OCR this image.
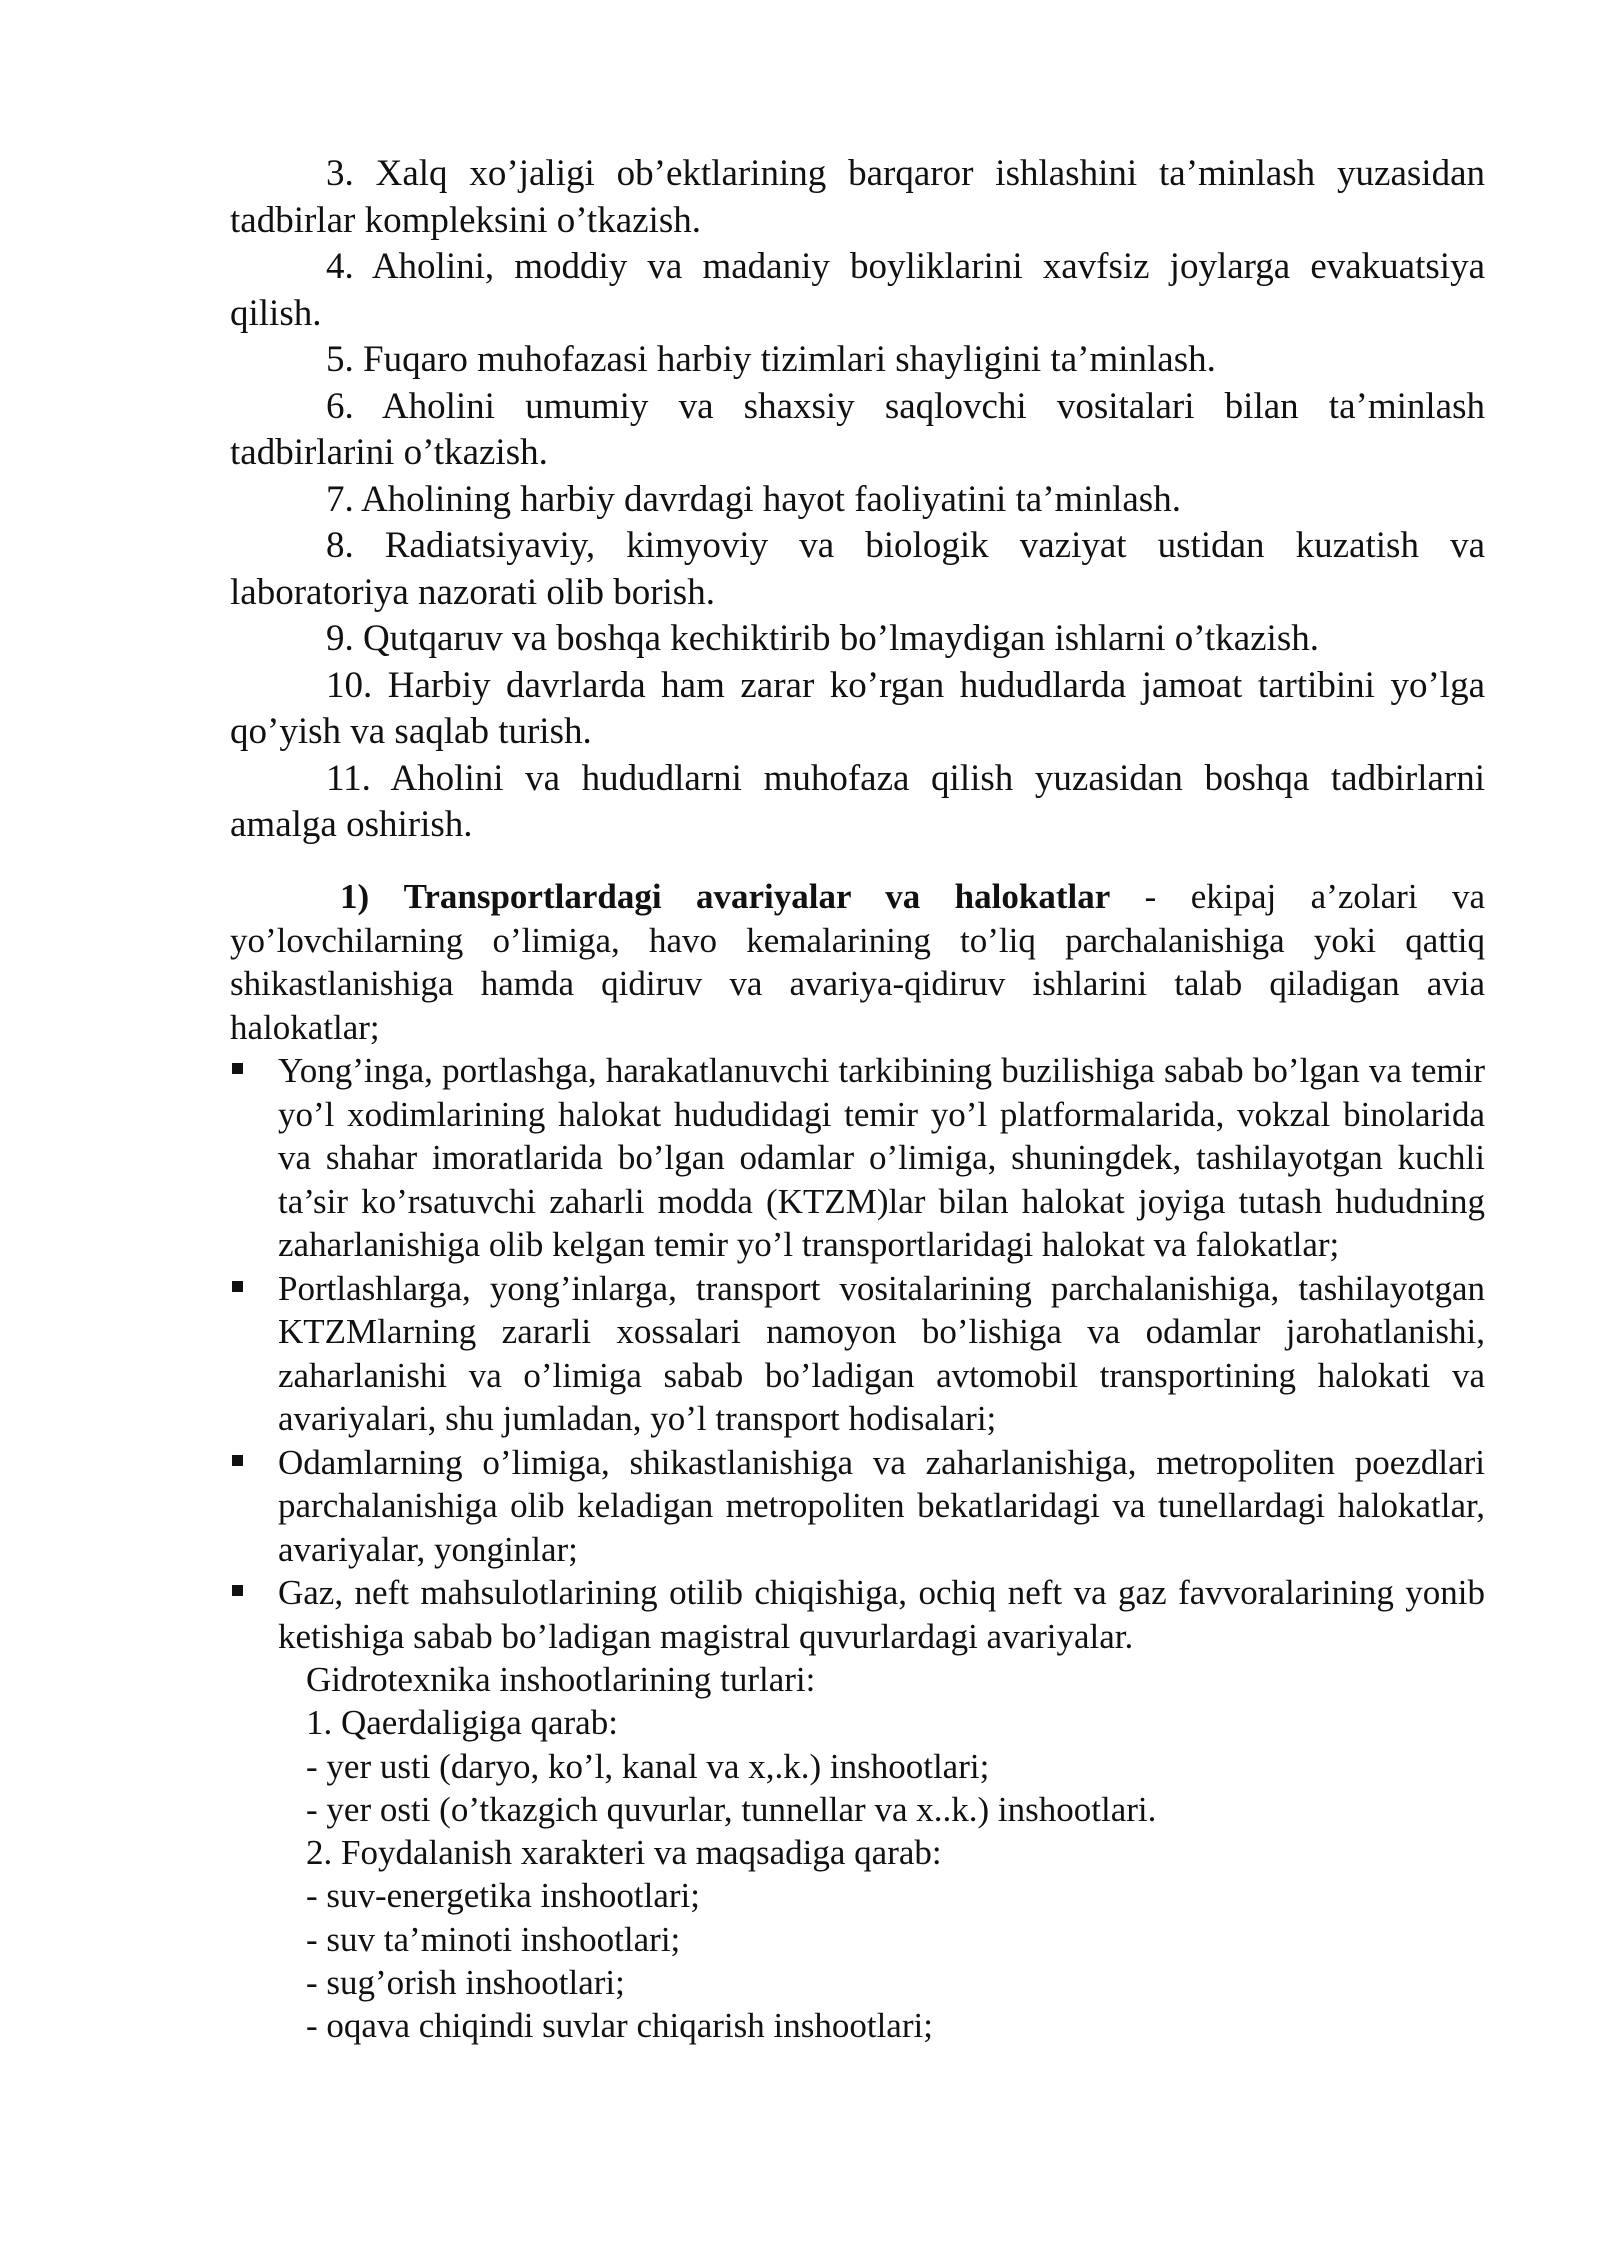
3. Xalq xo’jaligi ob’ektlarining barqaror ishlashini ta’minlash yuzasidan tadbirlar kompleksini o’tkazish.

4. Aholini, moddiy va madaniy boyliklarini xavfsiz joylarga evakuatsiya qilish.

5. Fuqaro muhofazasi harbiy tizimlari shayligini ta’minlash.

6. Aholini umumiy va shaxsiy saqlovchi vositalari bilan ta’minlash tadbirlarini o’tkazish.

7. Aholining harbiy davrdagi hayot faoliyatini ta’minlash.

8. Radiatsiyaviy, kimyoviy va biologik vaziyat ustidan kuzatish va laboratoriya nazorati olib borish.

9. Qutqaruv va boshqa kechiktirib bo’lmaydigan ishlarni o’tkazish.

10. Harbiy davrlarda ham zarar ko’rgan hududlarda jamoat tartibini yo’lga qo’yish va saqlab turish.

11. Aholini va hududlarni muhofaza qilish yuzasidan boshqa tadbirlarni amalga oshirish.

1) Transportlardagi avariyalar va halokatlar - ekipaj a’zolari va yo’lovchilarning o’limiga, havo kemalarining to’liq parchalanishiga yoki qattiq shikastlanishiga hamda qidiruv va avariya-qidiruv ishlarini talab qiladigan avia halokatlar;

Yong’inga, portlashga, harakatlanuvchi tarkibining buzilishiga sabab bo’lgan va temir yo’l xodimlarining halokat hududidagi temir yo’l platformalarida, vokzal binolarida va shahar imoratlarida bo’lgan odamlar o’limiga, shuningdek, tashilayotgan kuchli ta’sir ko’rsatuvchi zaharli modda (KTZM)lar bilan halokat joyiga tutash hududning zaharlanishiga olib kelgan temir yo’l transportlaridagi halokat va falokatlar;
Portlashlarga, yong’inlarga, transport vositalarining parchalanishiga, tashilayotgan KTZMlarning zararli xossalari namoyon bo’lishiga va odamlar jarohatlanishi, zaharlanishi va o’limiga sabab bo’ladigan avtomobil transportining halokati va avariyalari, shu jumladan, yo’l transport hodisalari;
Odamlarning o’limiga, shikastlanishiga va zaharlanishiga, metropoliten poezdlari parchalanishiga olib keladigan metropoliten bekatlaridagi va tunellardagi halokatlar, avariyalar, yonginlar;
Gaz, neft mahsulotlarining otilib chiqishiga, ochiq neft va gaz favvoralarining yonib ketishiga sabab bo’ladigan magistral quvurlardagi avariyalar.

Gidrotexnika inshootlarining turlari:

1. Qaerdaligiga qarab:

- yer usti (daryo, ko’l, kanal va x,.k.) inshootlari;

- yer osti (o’tkazgich quvurlar, tunnellar va x..k.) inshootlari.

2. Foydalanish xarakteri va maqsadiga qarab:

- suv-energetika inshootlari;

- suv ta’minoti inshootlari;

- sug’orish inshootlari;

- oqava chiqindi suvlar chiqarish inshootlari;
